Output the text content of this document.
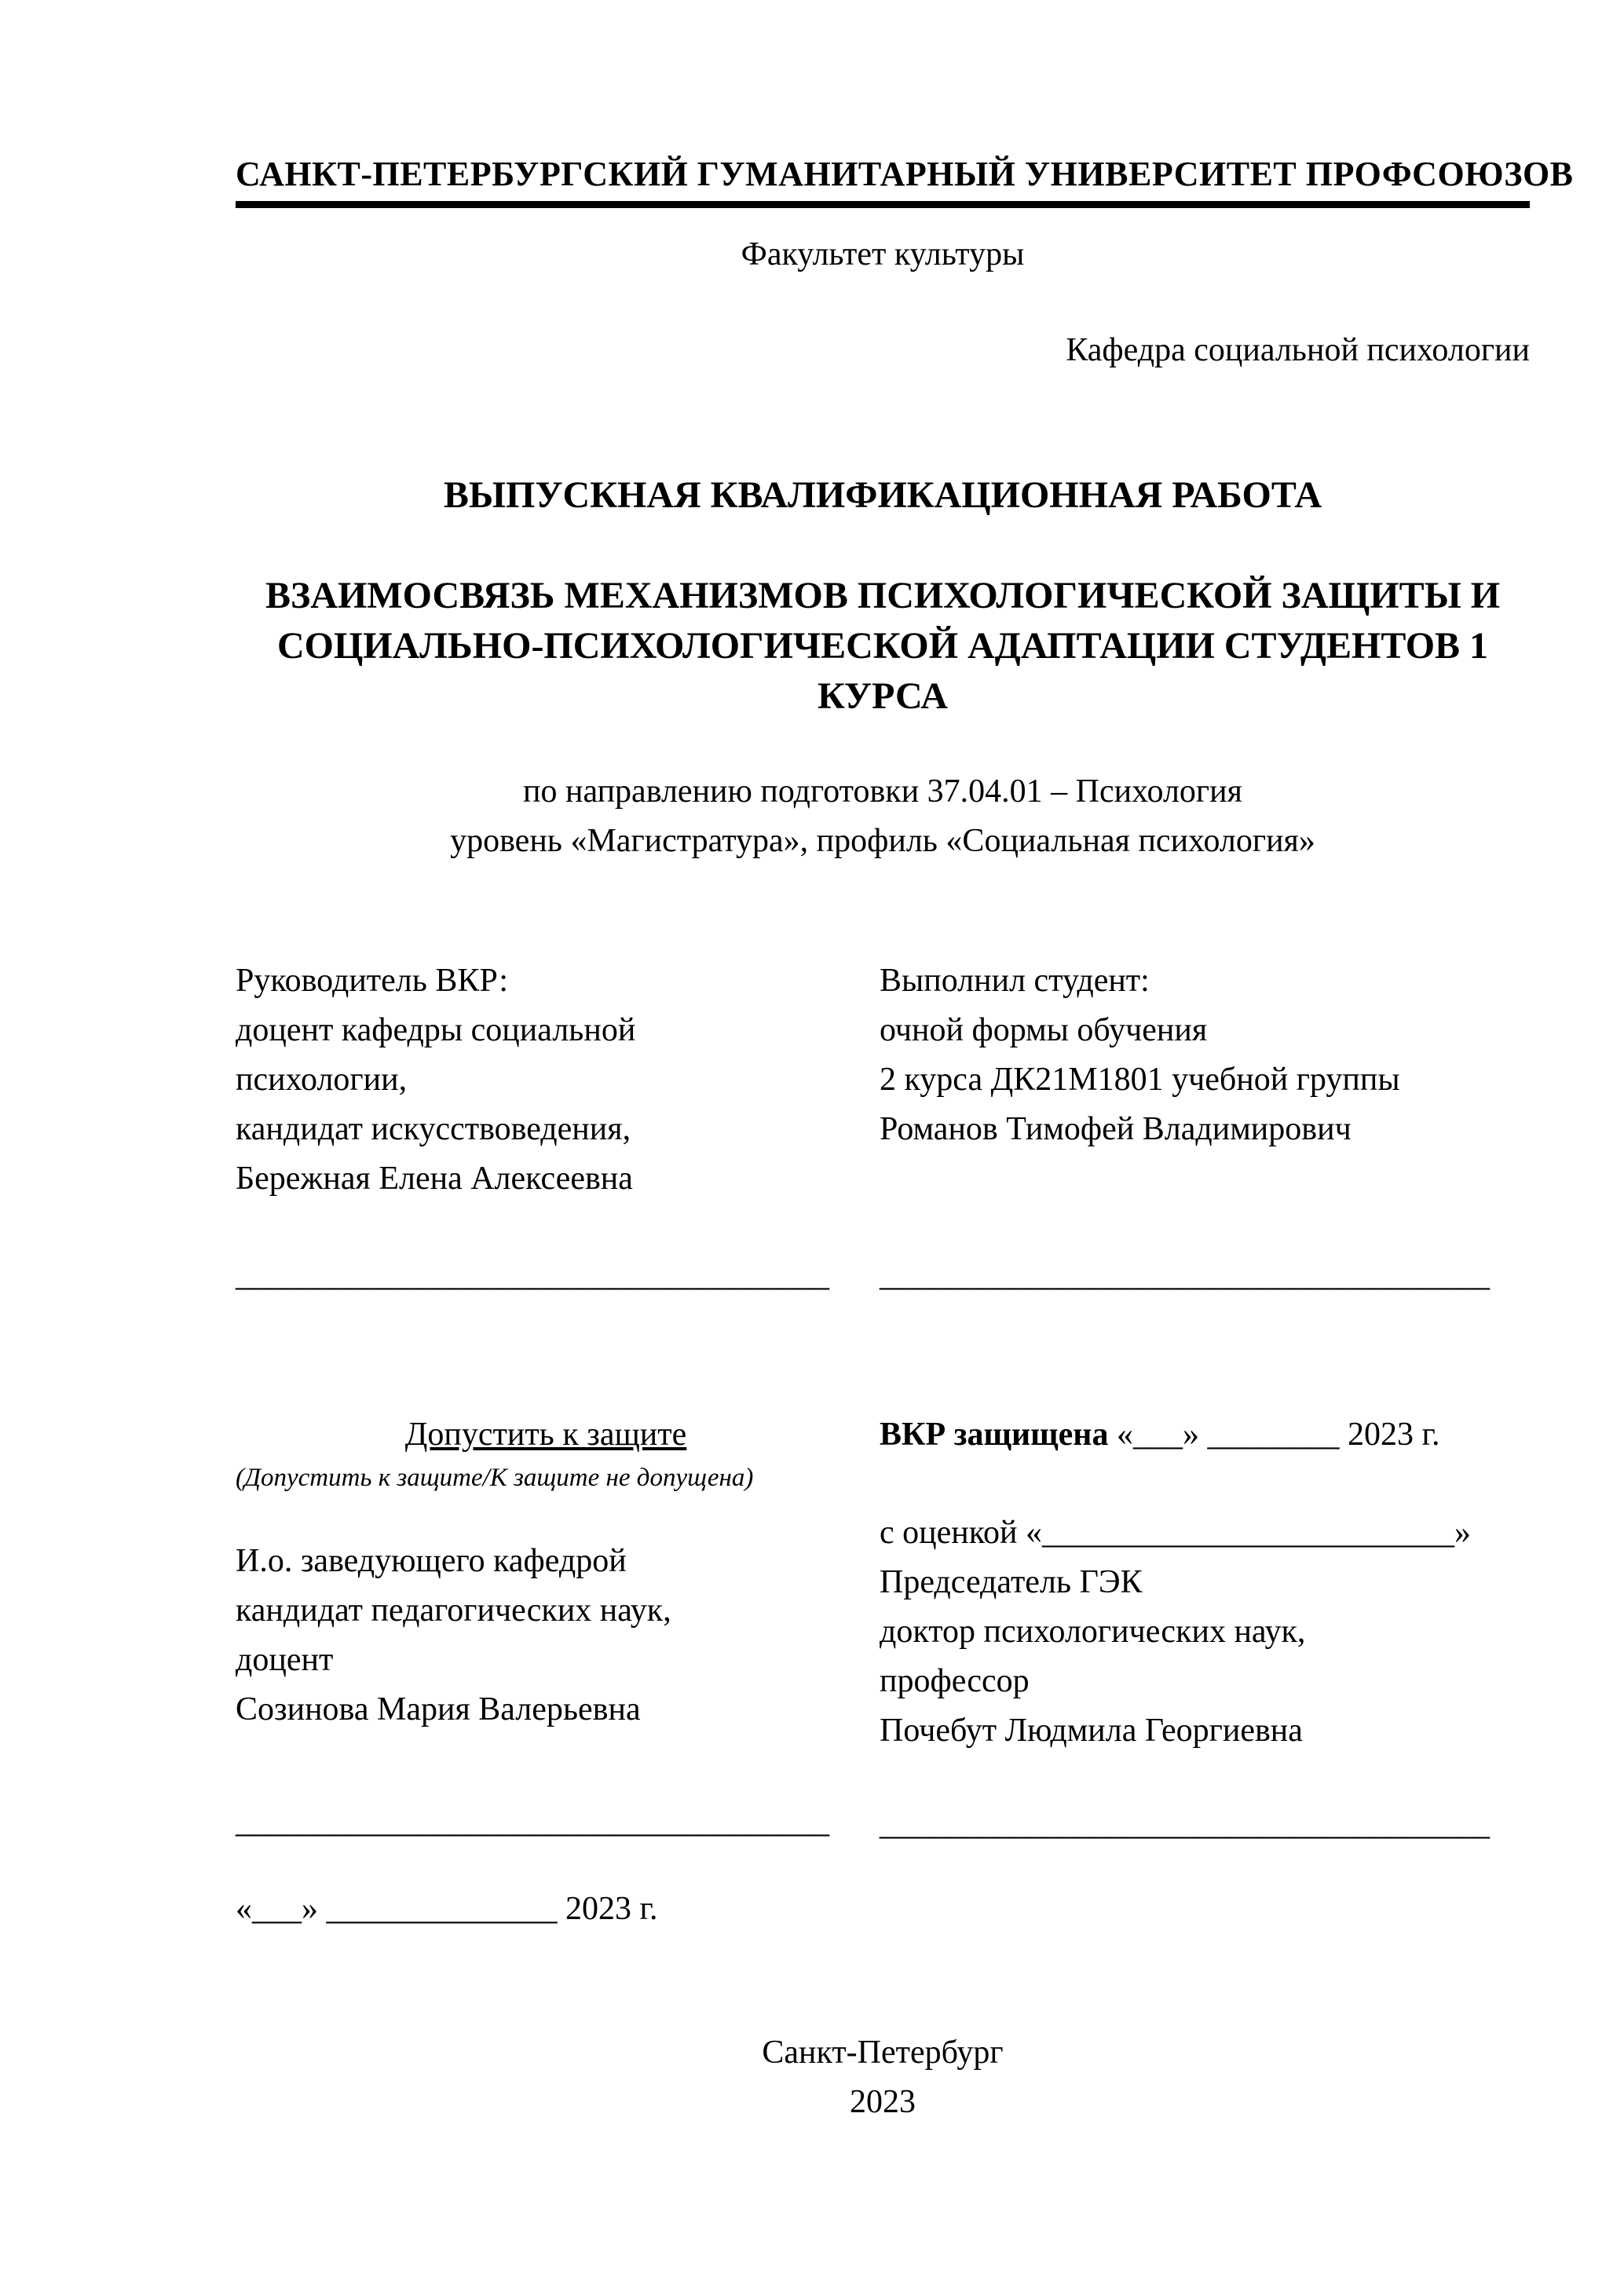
САНКТ-ПЕТЕРБУРГСКИЙ ГУМАНИТАРНЫЙ УНИВЕРСИТЕТ ПРОФСОЮЗОВ
Факультет культуры
Кафедра социальной психологии
ВЫПУСКНАЯ КВАЛИФИКАЦИОННАЯ РАБОТА
ВЗАИМОСВЯЗЬ МЕХАНИЗМОВ ПСИХОЛОГИЧЕСКОЙ ЗАЩИТЫ И
СОЦИАЛЬНО-ПСИХОЛОГИЧЕСКОЙ АДАПТАЦИИ СТУДЕНТОВ 1
КУРСА
по направлению подготовки 37.04.01 – Психология
уровень «Магистратура», профиль «Социальная психология»
Руководитель ВКР:
доцент кафедры социальной
психологии,
кандидат искусствоведения,
Бережная Елена Алексеевна
Выполнил студент:
очной формы обучения
2 курса ДК21М1801 учебной группы
Романов Тимофей Владимирович
____________________________________	_____________________________________
Допустить к защите
(Допустить к защите/К защите не допущена)
И.о. заведующего кафедрой
кандидат педагогических наук,
доцент
Созинова Мария Валерьевна
____________________________________
«___» ______________ 2023 г.
ВКР защищена «___» ________ 2023 г.
с оценкой «_________________________»
Председатель ГЭК
доктор психологических наук,
профессор
Почебут Людмила Георгиевна
_____________________________________
Санкт-Петербург
2023
